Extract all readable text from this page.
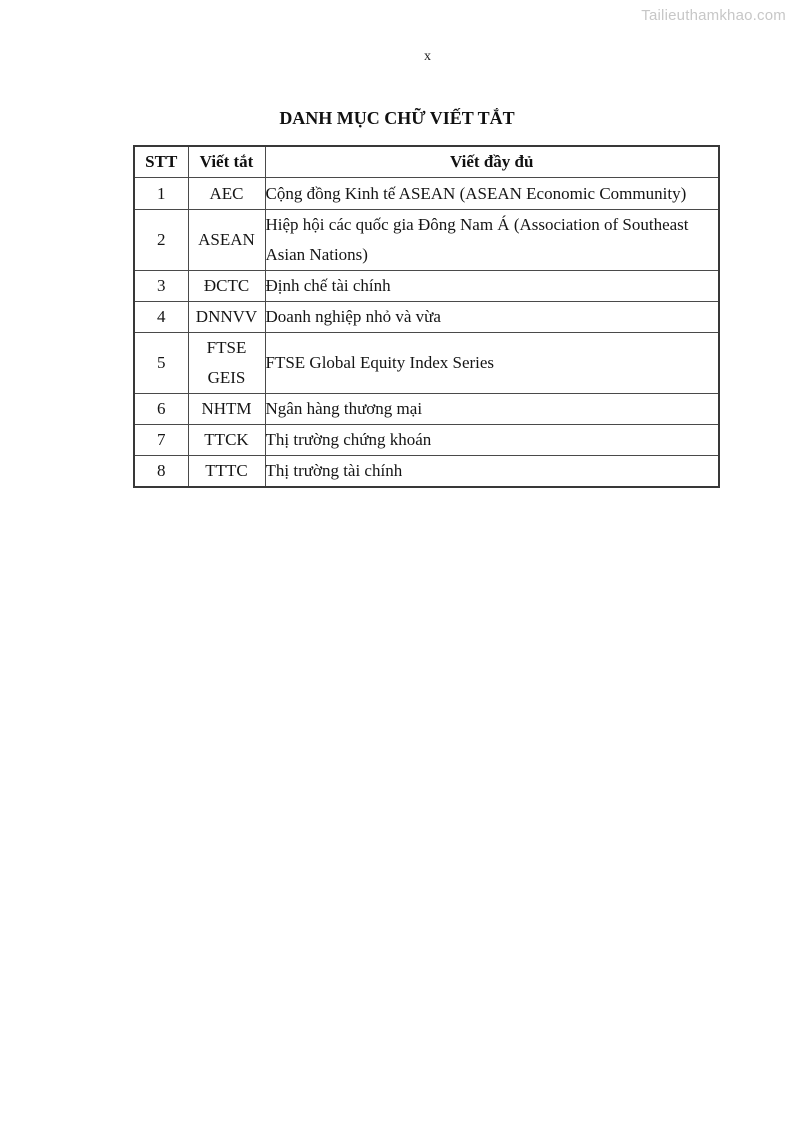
Tailieuthamkhao.com
x
DANH MỤC CHỮ VIẾT TẮT
STT	Viết tắt	Viết đầy đủ
1	AEC	Cộng đồng Kinh tế ASEAN (ASEAN Economic Community)
2	ASEAN	Hiệp hội các quốc gia Đông Nam Á (Association of Southeast Asian Nations)
3	ĐCTC	Định chế tài chính
4	DNNVV	Doanh nghiệp nhỏ và vừa
5	FTSE GEIS	FTSE Global Equity Index Series
6	NHTM	Ngân hàng thương mại
7	TTCK	Thị trường chứng khoán
8	TTTC	Thị trường tài chính
